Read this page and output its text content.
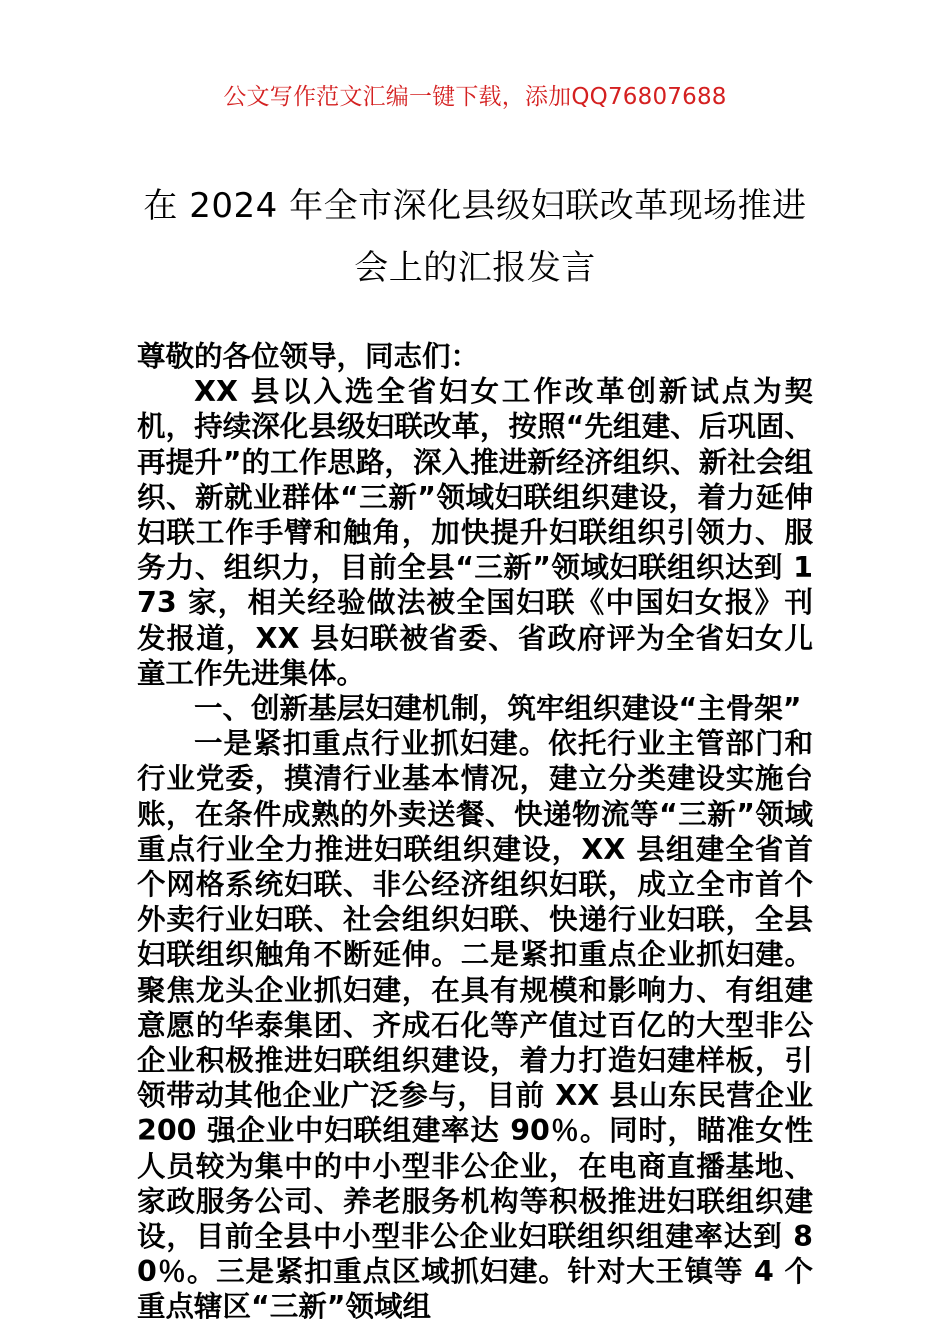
公文写作范文汇编一键下载，添加QQ76807688
在 2024 年全市深化县级妇联改革现场推进
会上的汇报发言

尊敬的各位领导，同志们：

XX 县以入选全省妇女工作改革创新试点为契机，持续深化县级妇联改革，按照“先组建、后巩固、再提升”的工作思路，深入推进新经济组织、新社会组织、新就业群体“三新”领域妇联组织建设，着力延伸妇联工作手臂和触角，加快提升妇联组织引领力、服务力、组织力，目前全县“三新”领域妇联组织达到 173 家，相关经验做法被全国妇联《中国妇女报》刊发报道，XX 县妇联被省委、省政府评为全省妇女儿童工作先进集体。

一、创新基层妇建机制，筑牢组织建设“主骨架”

一是紧扣重点行业抓妇建。依托行业主管部门和行业党委，摸清行业基本情况，建立分类建设实施台账，在条件成熟的外卖送餐、快递物流等“三新”领域重点行业全力推进妇联组织建设，XX 县组建全省首个网格系统妇联、非公经济组织妇联，成立全市首个外卖行业妇联、社会组织妇联、快递行业妇联，全县妇联组织触角不断延伸。二是紧扣重点企业抓妇建。聚焦龙头企业抓妇建，在具有规模和影响力、有组建意愿的华泰集团、齐成石化等产值过百亿的大型非公企业积极推进妇联组织建设，着力打造妇建样板，引领带动其他企业广泛参与，目前 XX 县山东民营企业 200 强企业中妇联组建率达 90％。同时，瞄准女性人员较为集中的中小型非公企业，在电商直播基地、家政服务公司、养老服务机构等积极推进妇联组织建设，目前全县中小型非公企业妇联组织组建率达到 80％。三是紧扣重点区域抓妇建。针对大王镇等 4 个重点辖区“三新”领域组
